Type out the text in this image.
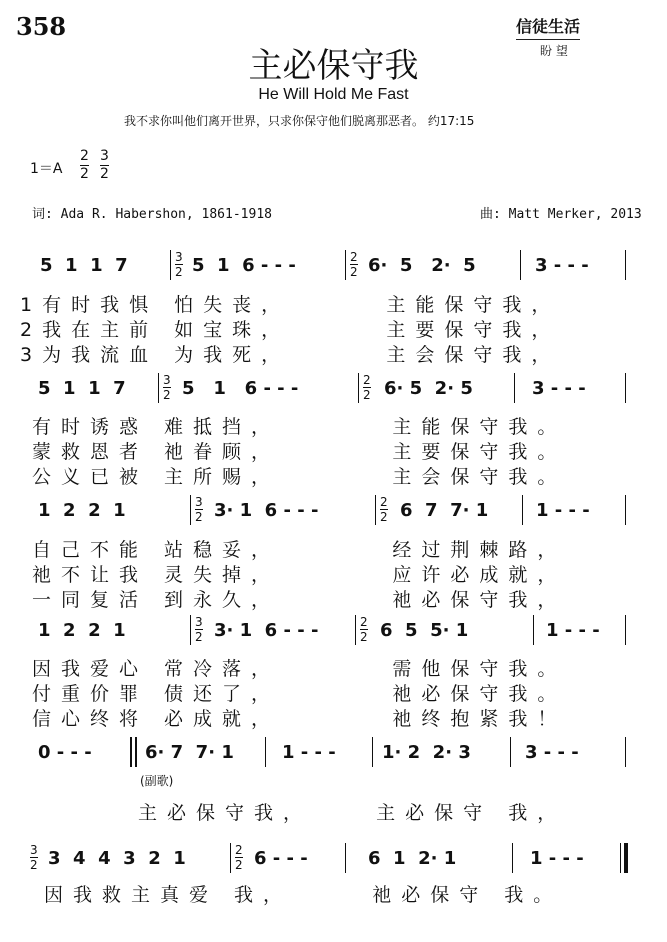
358	信徒生活
盼 望
主必保守我
He Will Hold Me Fast
我不求你叫他们离开世界，只求你保守他们脱离那恶者。 约17:15
$1=A \frac{2}{2} \frac{3}{2}$
词: Ada R. Habershon, 1861-1918	曲: Matt Merker, 2013
5  1  1  7	$\frac{3}{2} 5$  1  6 - - -	$\frac{2}{2} 6\cdot 5$   2·  5	3 - - -
1有时我惧 怕失丧，      主能保守我，
2我在主前 如宝珠，      主要保守我，
3为我流血 为我死，      主会保守我，
5  1  1  7	$\frac{3}{2} 5$   1   6 - - -	$\frac{2}{2} 6\cdot 5$  2· 5	3 - - -
有时诱惑 难抵挡，       主能保守我。
蒙救恩者 祂眷顾，       主要保守我。
公义已被 主所赐，       主会保守我。
1  2  2  1	$\frac{3}{2} 3\cdot 1$  6 - - -	$\frac{2}{2} 6$  7  7· 1	1 - - -
自己不能 站稳妥，       经过荆棘路，
祂不让我 灵失掉，       应许必成就，
一同复活 到永久，       祂必保守我，
1  2  2  1	$\frac{3}{2} 3\cdot 1$  6 - - -	$\frac{2}{2} 6$  5  5· 1	1 - - -
因我爱心 常冷落，       需他保守我。
付重价罪 债还了，       祂必保守我。
信心终将 必成就，       祂终抱紧我！
0 - - -	6· 7  7· 1	1 - - -	1· 2  2· 3	3 - - -
(副歌)
主必保守我，    主必保守 我，
$\frac{3}{2} 3$  4  4  3  2  1	$\frac{2}{2} 6$ - - -	6  1  2· 1	1 - - -
因我救主真爱 我，     祂必保守 我。
